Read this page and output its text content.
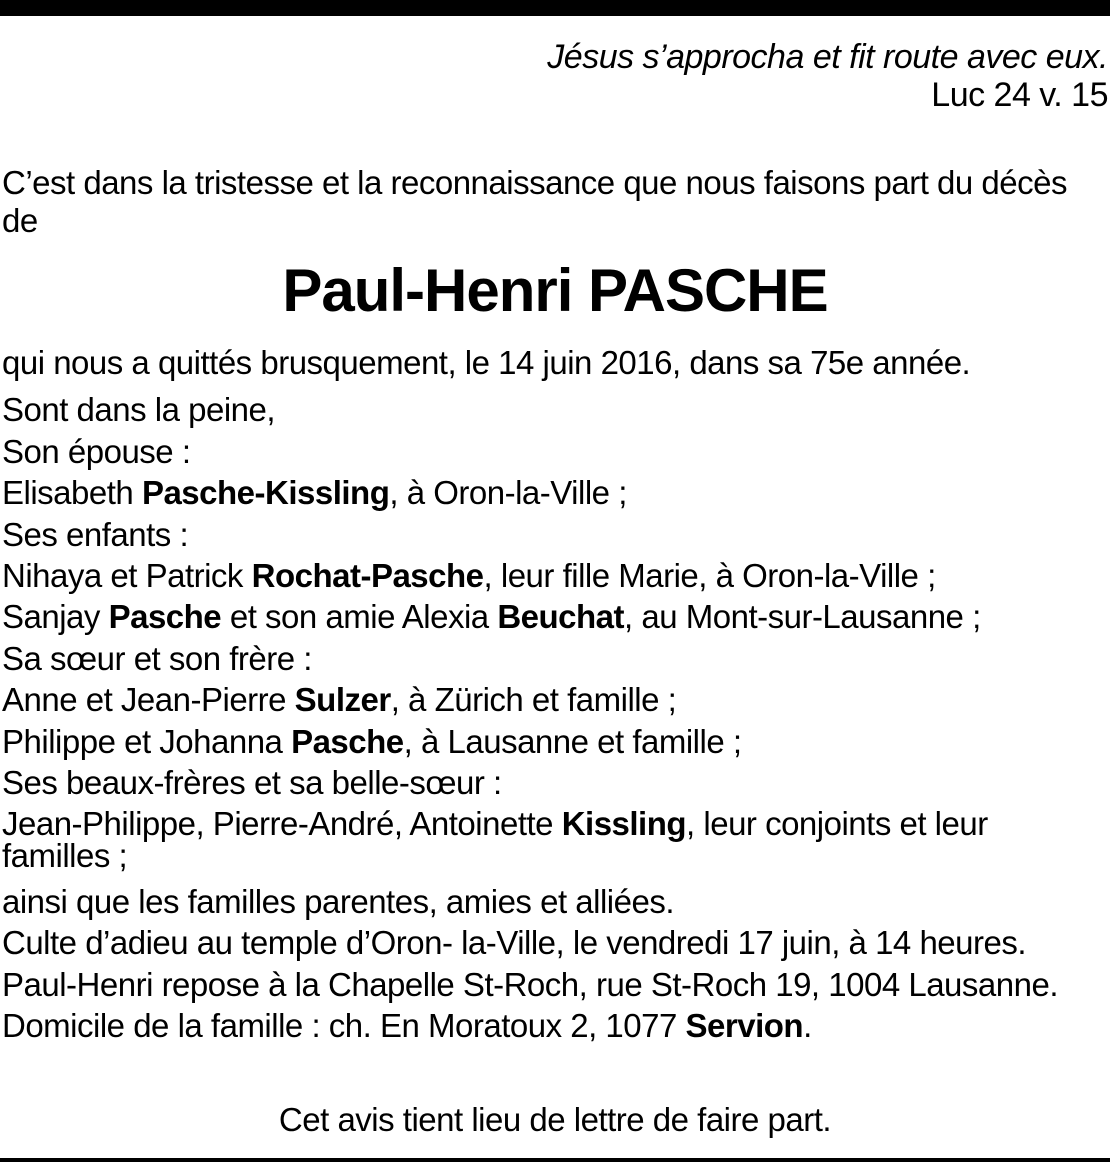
Jésus s’approcha et fit route avec eux.
Luc 24 v. 15
C’est dans la tristesse et la reconnaissance que nous faisons part du décès de
Paul-Henri PASCHE
qui nous a quittés brusquement, le 14 juin 2016, dans sa 75e année.
Sont dans la peine,
Son épouse :
Elisabeth Pasche-Kissling, à Oron-la-Ville ;
Ses enfants :
Nihaya et Patrick Rochat-Pasche, leur fille Marie, à Oron-la-Ville ;
Sanjay Pasche et son amie Alexia Beuchat, au Mont-sur-Lausanne ;
Sa sœur et son frère :
Anne et Jean-Pierre Sulzer, à Zürich et famille ;
Philippe et Johanna Pasche, à Lausanne et famille ;
Ses beaux-frères et sa belle-sœur :
Jean-Philippe, Pierre-André, Antoinette Kissling, leur conjoints et leur
familles ;
ainsi que les familles parentes, amies et alliées.
Culte d’adieu au temple d’Oron- la-Ville, le vendredi 17 juin, à 14 heures.
Paul-Henri repose à la Chapelle St-Roch, rue St-Roch 19, 1004 Lausanne.
Domicile de la famille : ch. En Moratoux 2, 1077 Servion.
Cet avis tient lieu de lettre de faire part.
